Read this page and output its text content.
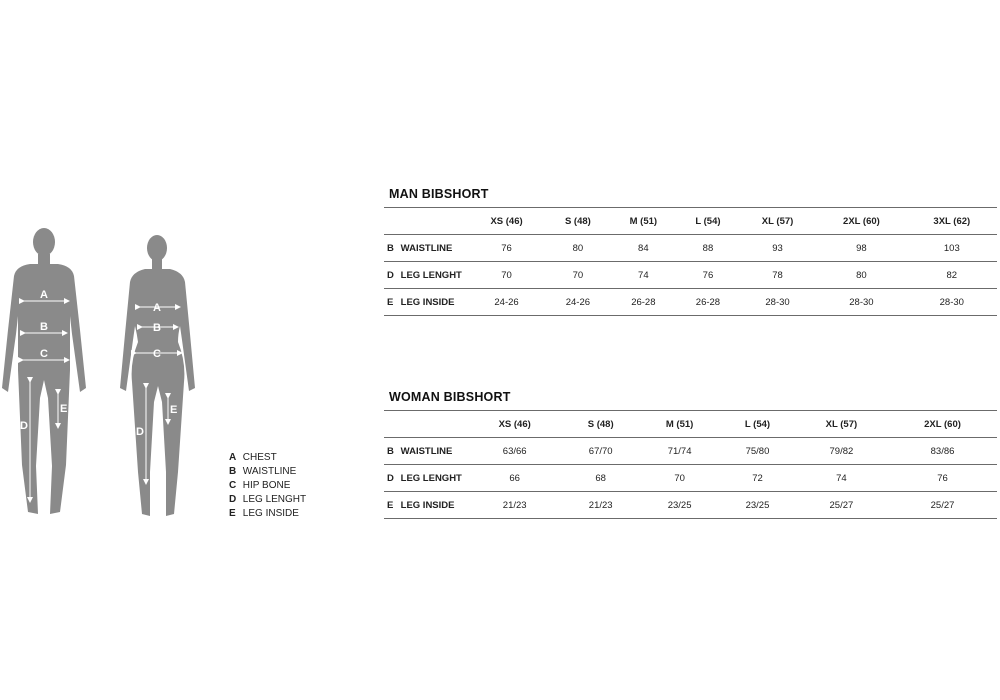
A
B
C
D
E
A
B
C
D
E
A CHEST
B WAISTLINE
C HIP BONE
D LEG LENGHT
E LEG INSIDE
MAN BIBSHORT
	XS (46)	S (48)	M (51)	L (54)	XL (57)	2XL (60)	3XL (62)
B WAISTLINE	76	80	84	88	93	98	103
D LEG LENGHT	70	70	74	76	78	80	82
E LEG INSIDE	24-26	24-26	26-28	26-28	28-30	28-30	28-30
WOMAN BIBSHORT
	XS (46)	S (48)	M (51)	L (54)	XL (57)	2XL (60)
B WAISTLINE	63/66	67/70	71/74	75/80	79/82	83/86
D LEG LENGHT	66	68	70	72	74	76
E LEG INSIDE	21/23	21/23	23/25	23/25	25/27	25/27
